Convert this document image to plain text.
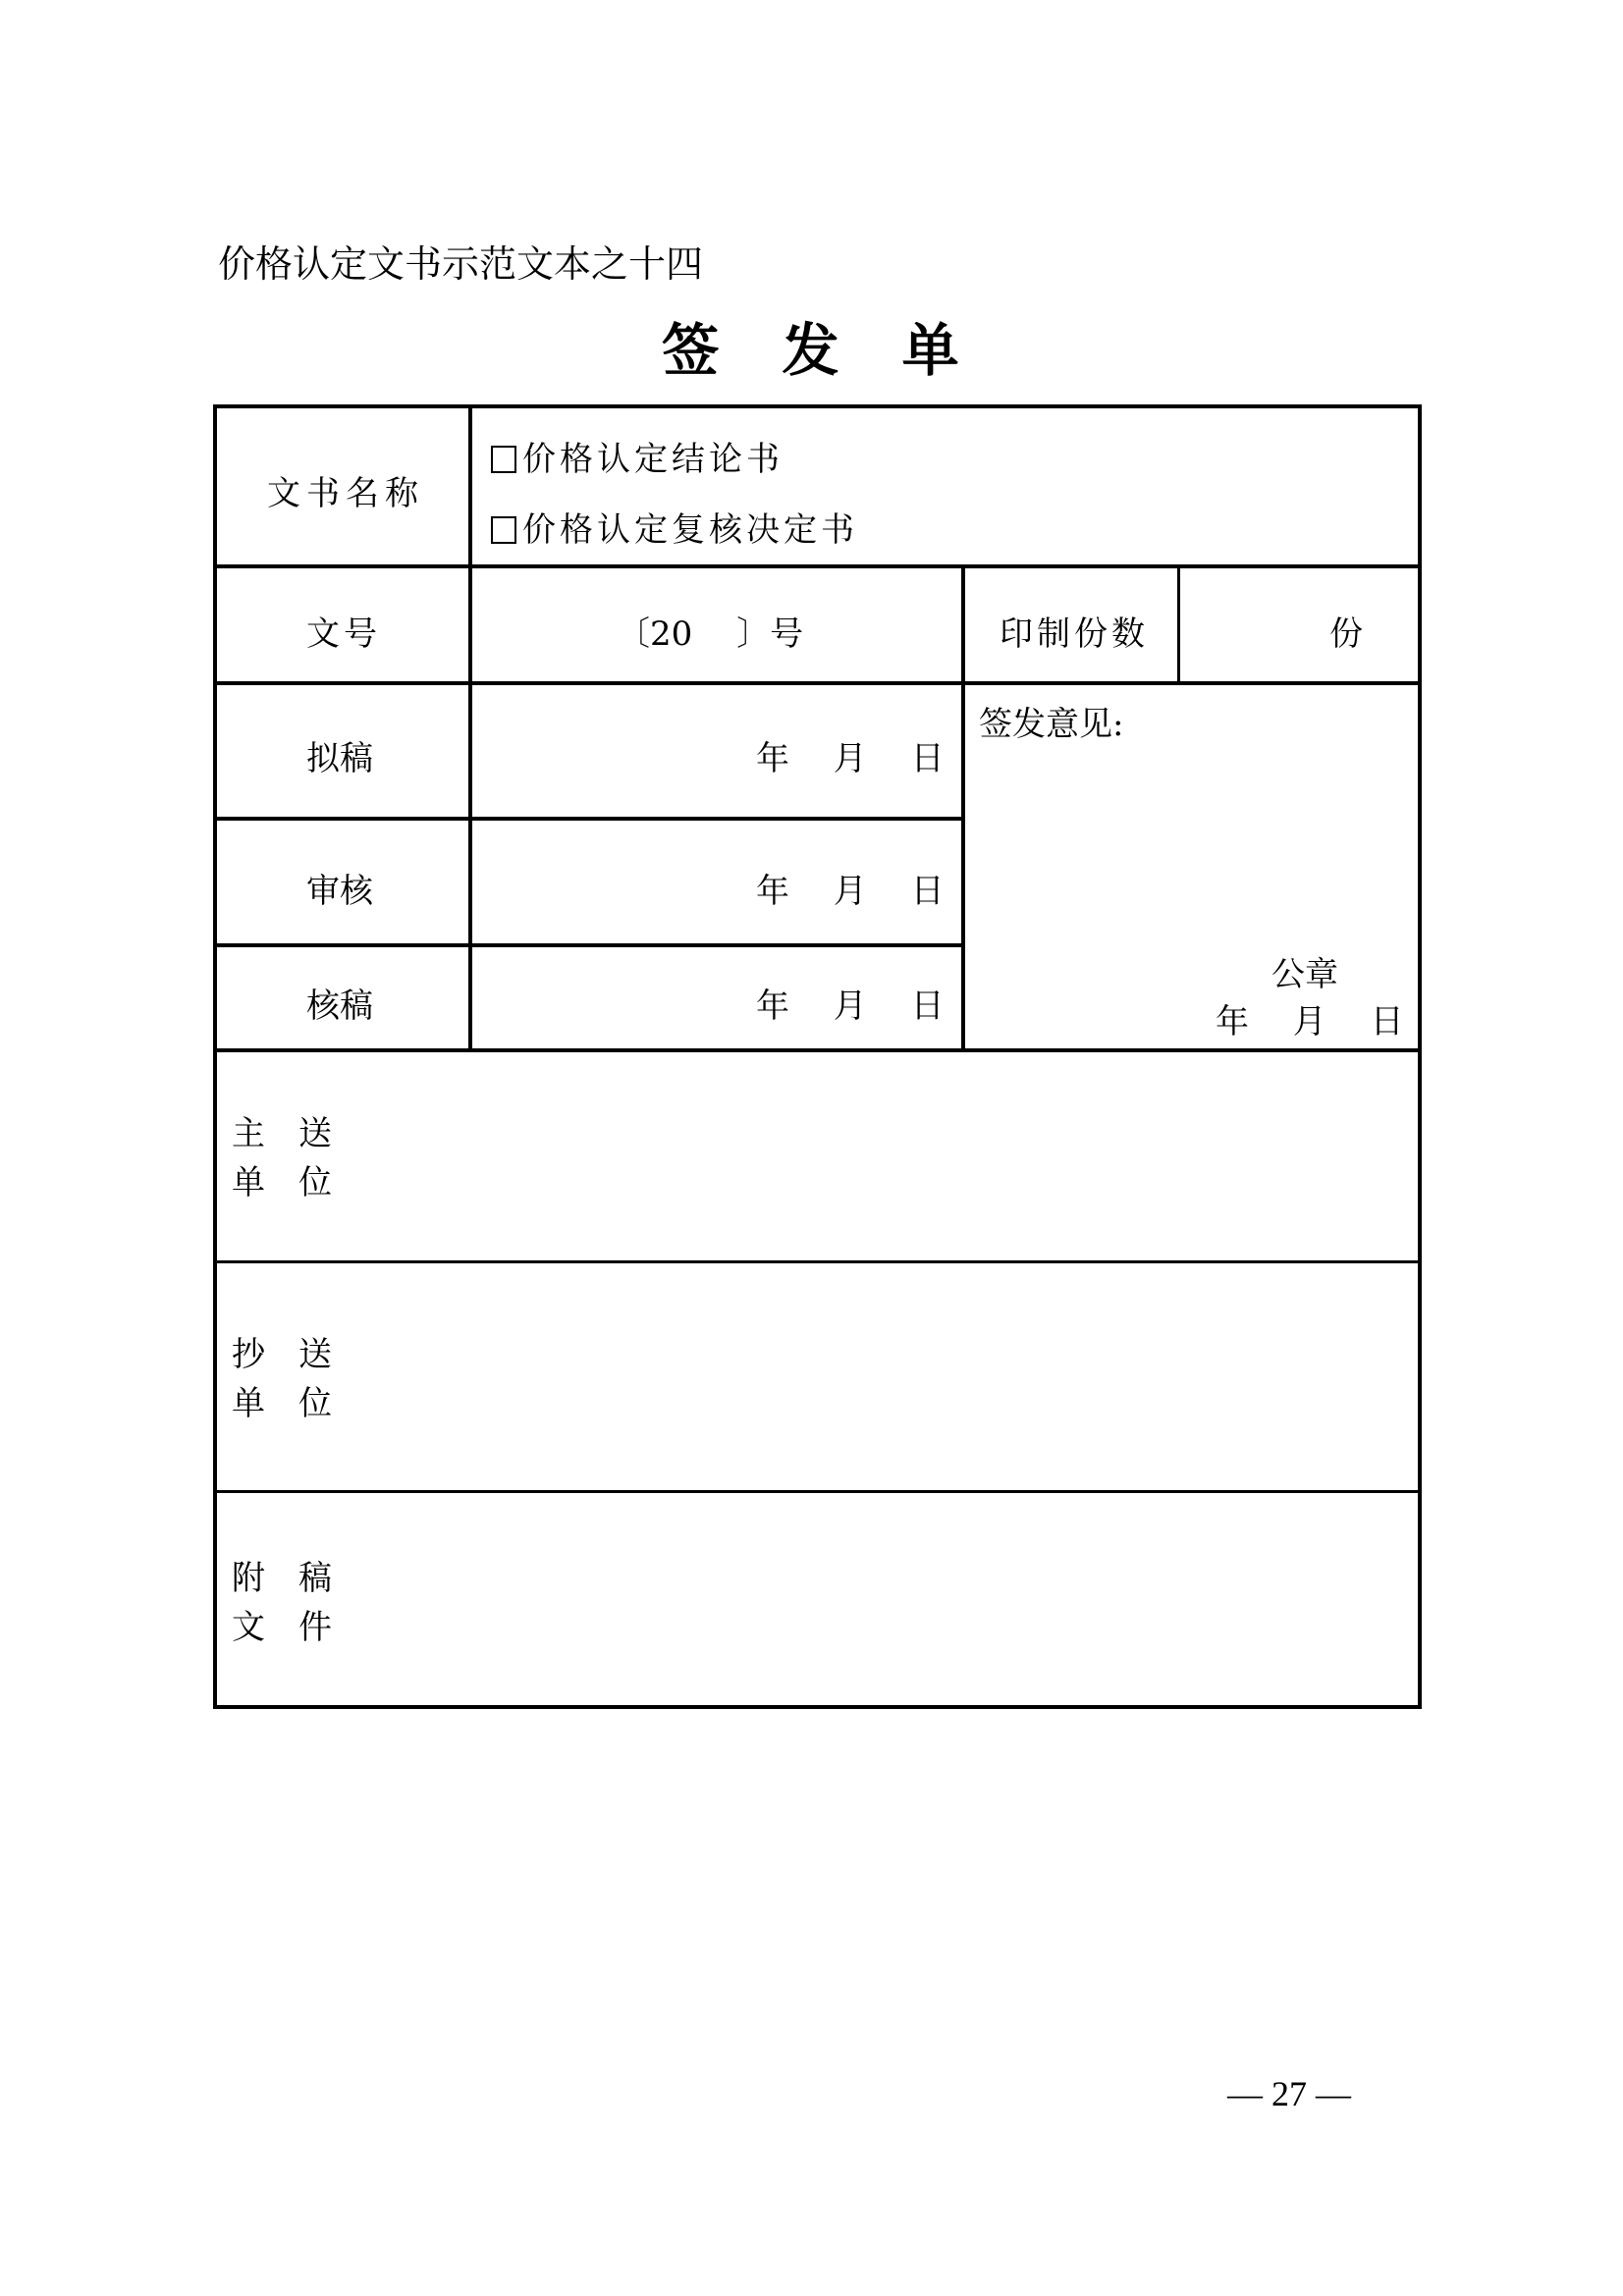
价格认定文书示范文本之十四
签 发 单
文书名称
价格认定结论书
价格认定复核决定书
文号	〔20　 〕号	印制份数	份
拟稿	年　 月　 日
审核	年　 月　 日
核稿	年　 月　 日
签发意见:
公章
年　 月　 日
主　送
单　位
抄　送
单　位
附　稿
文　件
— 27 —
